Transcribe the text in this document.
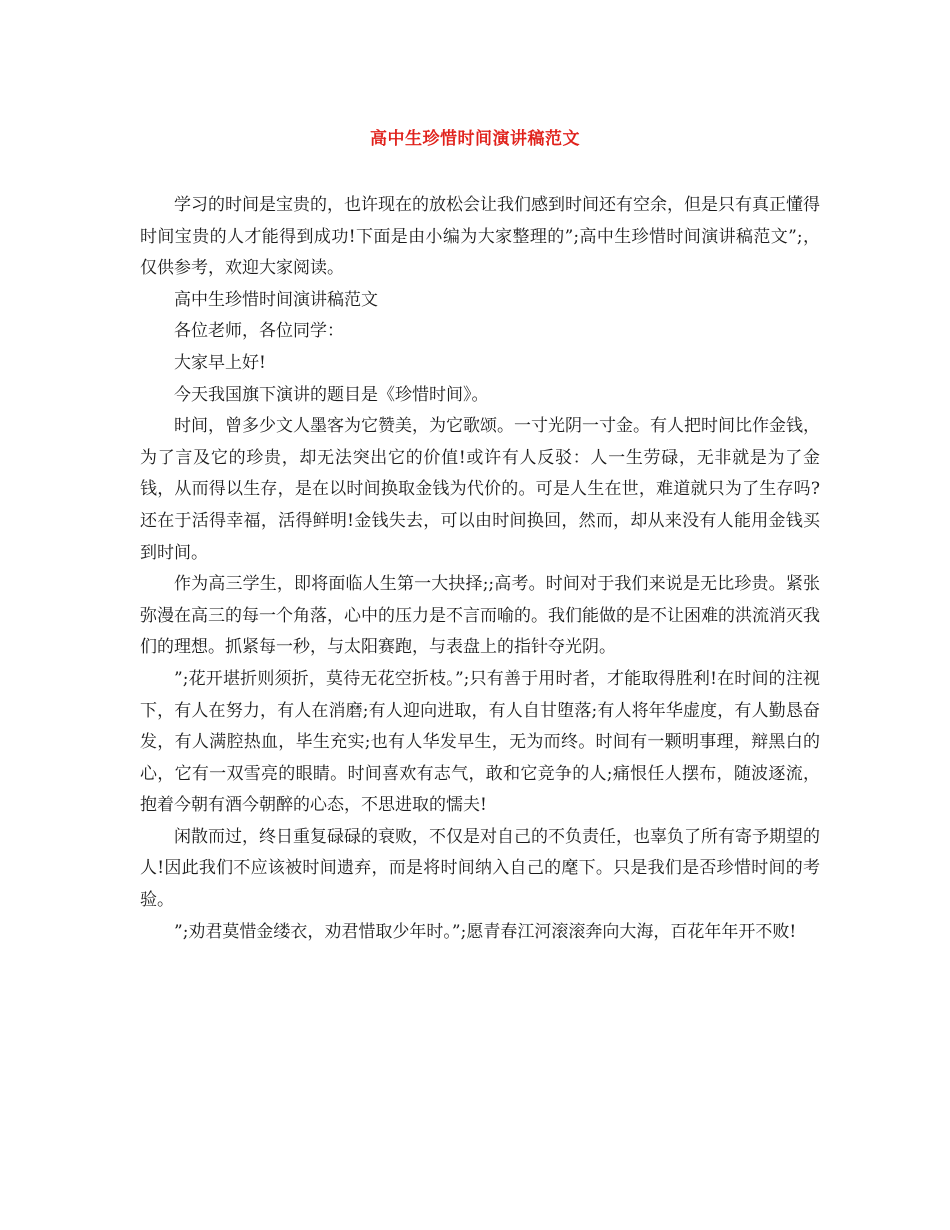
高中生珍惜时间演讲稿范文

学习的时间是宝贵的，也许现在的放松会让我们感到时间还有空余，但是只有真正懂得时间宝贵的人才能得到成功!下面是由小编为大家整理的”;高中生珍惜时间演讲稿范文”;，仅供参考，欢迎大家阅读。

高中生珍惜时间演讲稿范文

各位老师，各位同学：

大家早上好!

今天我国旗下演讲的题目是《珍惜时间》。

时间，曾多少文人墨客为它赞美，为它歌颂。一寸光阴一寸金。有人把时间比作金钱，为了言及它的珍贵，却无法突出它的价值!或许有人反驳：人一生劳碌，无非就是为了金钱，从而得以生存，是在以时间换取金钱为代价的。可是人生在世，难道就只为了生存吗?还在于活得幸福，活得鲜明!金钱失去，可以由时间换回，然而，却从来没有人能用金钱买到时间。

作为高三学生，即将面临人生第一大抉择;;高考。时间对于我们来说是无比珍贵。紧张弥漫在高三的每一个角落，心中的压力是不言而喻的。我们能做的是不让困难的洪流消灭我们的理想。抓紧每一秒，与太阳赛跑，与表盘上的指针夺光阴。

”;花开堪折则须折，莫待无花空折枝。”;只有善于用时者，才能取得胜利!在时间的注视下，有人在努力，有人在消磨;有人迎向进取，有人自甘堕落;有人将年华虚度，有人勤恳奋发，有人满腔热血，毕生充实;也有人华发早生，无为而终。时间有一颗明事理，辩黑白的心，它有一双雪亮的眼睛。时间喜欢有志气，敢和它竞争的人;痛恨任人摆布，随波逐流，抱着今朝有酒今朝醉的心态，不思进取的懦夫!

闲散而过，终日重复碌碌的衰败，不仅是对自己的不负责任，也辜负了所有寄予期望的人!因此我们不应该被时间遗弃，而是将时间纳入自己的麾下。只是我们是否珍惜时间的考验。

”;劝君莫惜金缕衣，劝君惜取少年时。”;愿青春江河滚滚奔向大海，百花年年开不败!
